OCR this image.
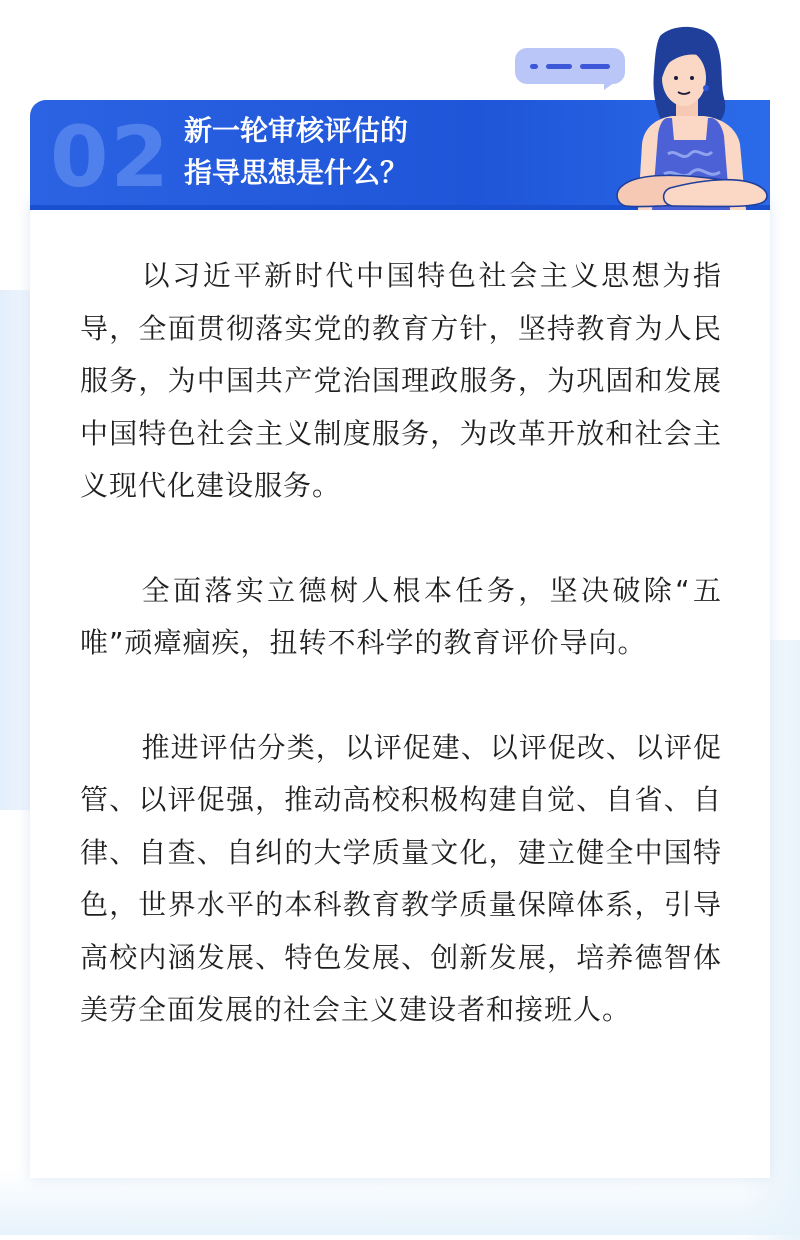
02 新一轮审核评估的
指导思想是什么？

以习近平新时代中国特色社会主义思想为指导，全面贯彻落实党的教育方针，坚持教育为人民服务，为中国共产党治国理政服务，为巩固和发展中国特色社会主义制度服务，为改革开放和社会主义现代化建设服务。

全面落实立德树人根本任务，坚决破除“五唯”顽瘴痼疾，扭转不科学的教育评价导向。

推进评估分类，以评促建、以评促改、以评促管、以评促强，推动高校积极构建自觉、自省、自律、自查、自纠的大学质量文化，建立健全中国特色，世界水平的本科教育教学质量保障体系，引导高校内涵发展、特色发展、创新发展，培养德智体美劳全面发展的社会主义建设者和接班人。
